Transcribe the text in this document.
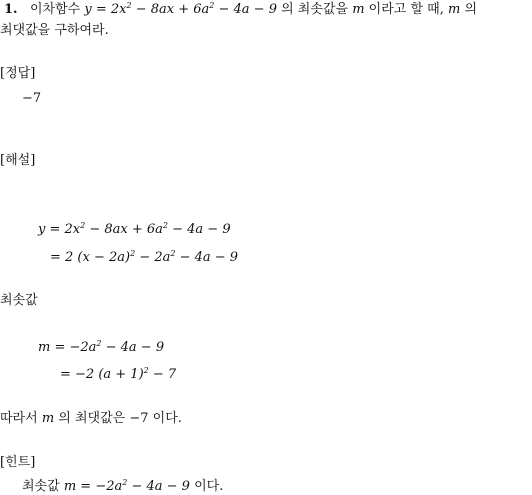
1. 이차함수 $y = 2x^2 - 8ax + 6a^2 - 4a - 9$ 의 최솟값을 m 이라고 할 때, m 의
최댓값을 구하여라.
[정답]
−7
[해설]
$y = 2x^2 - 8ax + 6a^2 - 4a - 9$
= 2 $(x - 2a)^2 - 2a^2 - 4a - 9$
최솟값
$m = -2a^2 - 4a - 9$
= −2 $(a + 1)^2 - 7$
따라서 m 의 최댓값은 −7 이다.
[힌트]
최솟값 $m = -2a^2 - 4a - 9$ 이다.
